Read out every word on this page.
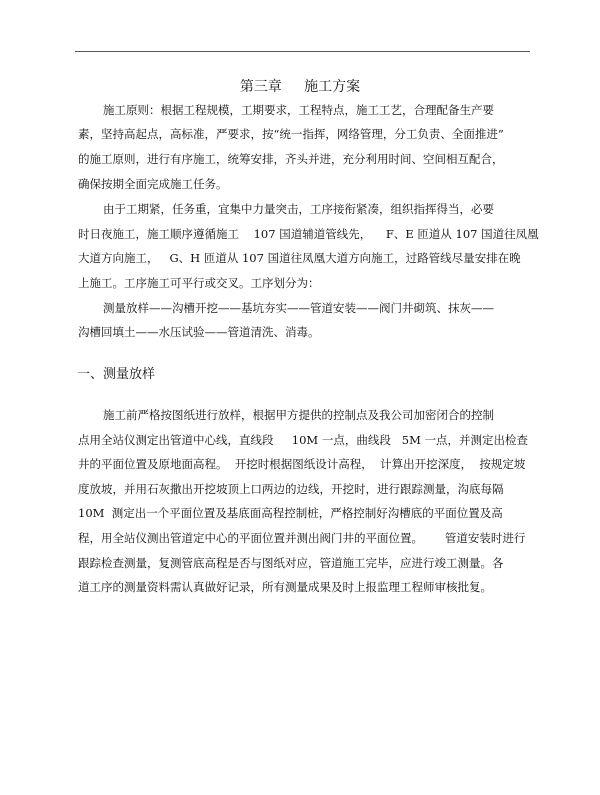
第三章     施工方案
施工原则：根据工程规模，工期要求，工程特点，施工工艺，合理配备生产要
素，坚持高起点，高标准，严要求，按“统一指挥，网络管理，分工负责、全面推进”
的施工原则，进行有序施工，统筹安排，齐头并进，充分利用时间、空间相互配合，
确保按期全面完成施工任务。
由于工期紧，任务重，宜集中力量突击，工序接衔紧凑，组织指挥得当，必要
时日夜施工，施工顺序遵循施工    107 国道辅道管线先，    F、E 匝道从 107 国道往凤凰
大道方向施工，   G、H 匝道从 107 国道往凤凰大道方向施工，过路管线尽量安排在晚
上施工。工序施工可平行或交叉。工序划分为：
测量放样——沟槽开挖——基坑夯实——管道安装——阀门井砌筑、抹灰——
沟槽回填土——水压试验——管道清洗、消毒。
一、测量放样
施工前严格按图纸进行放样，根据甲方提供的控制点及我公司加密闭合的控制
点用全站仪测定出管道中心线，直线段     10M 一点，曲线段   5M 一点，并测定出检查
井的平面位置及原地面高程。  开挖时根据图纸设计高程，  计算出开挖深度，  按规定坡
度放坡，并用石灰撒出开挖坡顶上口两边的边线，开挖时，进行跟踪测量，沟底每隔
10M  测定出一个平面位置及基底面高程控制桩，严格控制好沟槽底的平面位置及高
程，用全站仪测出管道定中心的平面位置并测出阀门井的平面位置。      管道安装时进行
跟踪检查测量，复测管底高程是否与图纸对应，管道施工完毕，应进行竣工测量。各
道工序的测量资料需认真做好记录，所有测量成果及时上报监理工程师审核批复。
